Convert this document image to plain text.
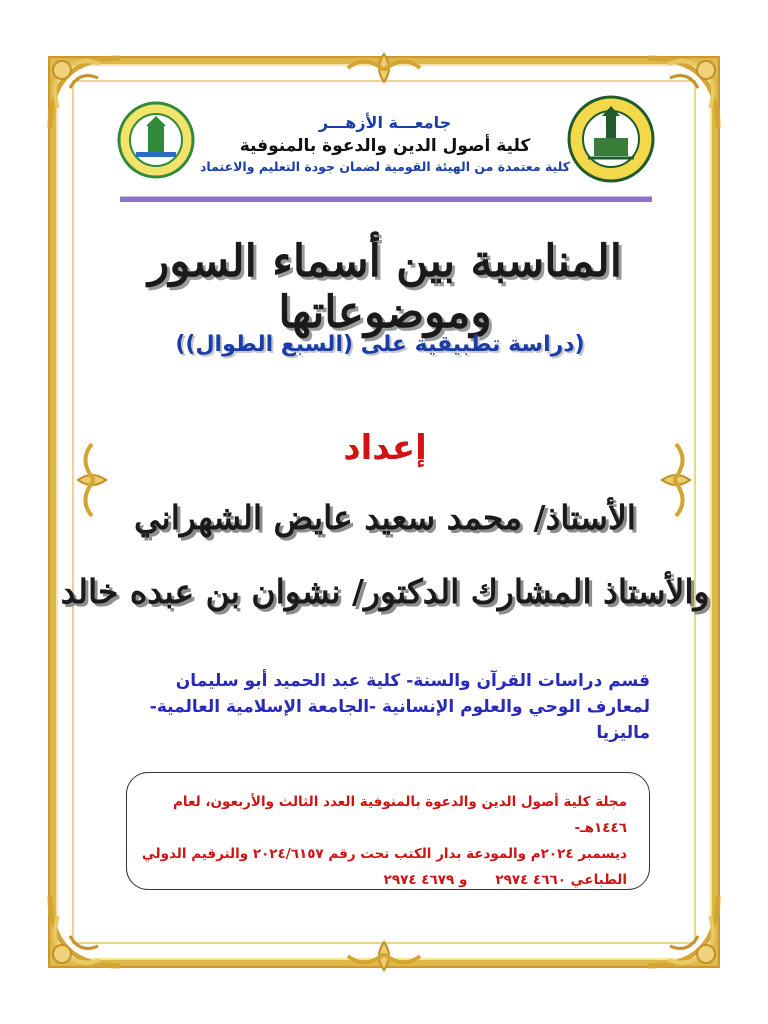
جامعـــة الأزهـــر
كلية أصول الدين والدعوة بالمنوفية
كلية معتمدة من الهيئة القومية لضمان جودة التعليم والاعتماد
المناسبة بين أسماء السور وموضوعاتها
(دراسة تطبيقية على (السبع الطوال))
إعداد
الأستاذ/ محمد سعيد عايض الشهراني
والأستاذ المشارك الدكتور/ نشوان بن عبده خالد
قسم دراسات القرآن والسنة- كلية عبد الحميد أبو سليمان
لمعارف الوحي والعلوم الإنسانية -الجامعة الإسلامية العالمية-
ماليزيا
مجلة كلية أصول الدين والدعوة بالمنوفية العدد الثالث والأربعون، لعام ١٤٤٦هـ-
ديسمبر ٢٠٢٤م والمودعة بدار الكتب تحت رقم ٢٠٢٤/٦١٥٧ والترقيم الدولي
الطباعي ٤٦٦٠ ٢٩٧٤
و ٤٦٧٩ ٢٩٧٤
